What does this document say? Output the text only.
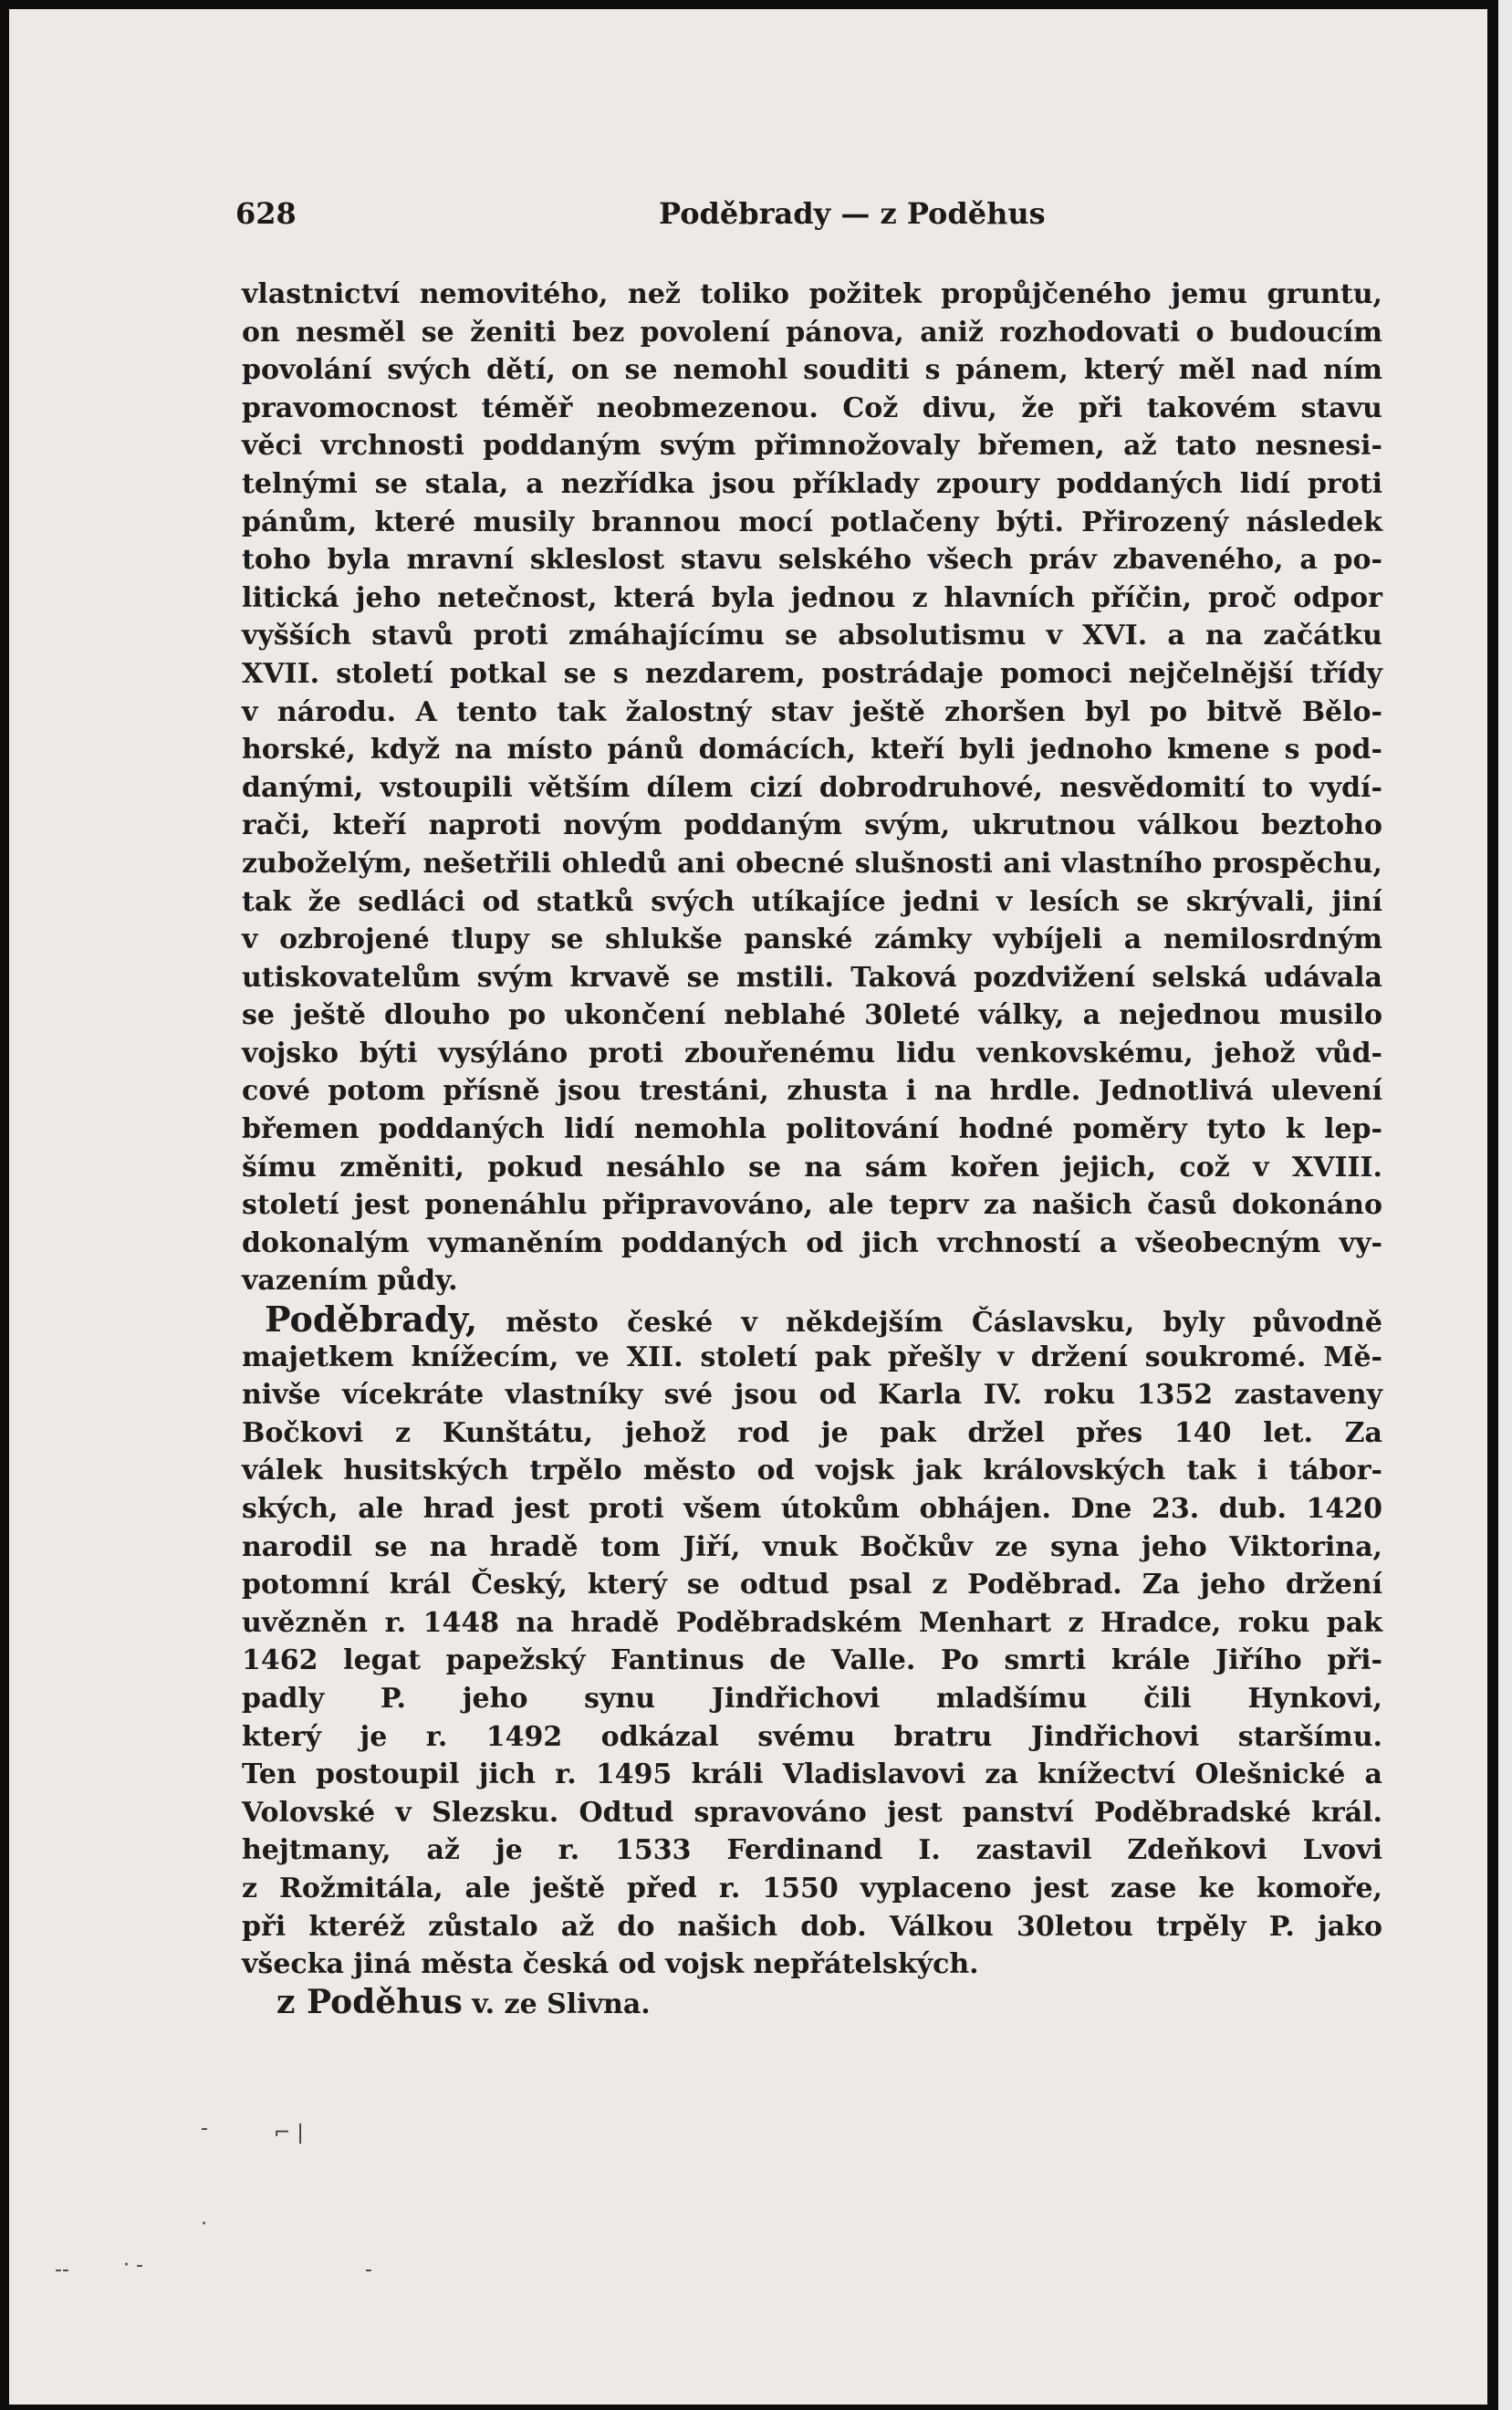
628	Poděbrady — z Poděhus
vlastnictví nemovitého, než toliko požitek propůjčeného jemu gruntu,
on nesměl se ženiti bez povolení pánova, aniž rozhodovati o budoucím
povolání svých dětí, on se nemohl souditi s pánem, který měl nad ním
pravomocnost téměř neobmezenou. Což divu, že při takovém stavu
věci vrchnosti poddaným svým přimnožovaly břemen, až tato nesnesi-
telnými se stala, a nezřídka jsou příklady zpoury poddaných lidí proti
pánům, které musily brannou mocí potlačeny býti. Přirozený následek
toho byla mravní skleslost stavu selského všech práv zbaveného, a po-
litická jeho netečnost, která byla jednou z hlavních příčin, proč odpor
vyšších stavů proti zmáhajícímu se absolutismu v XVI. a na začátku
XVII. století potkal se s nezdarem, postrádaje pomoci nejčelnější třídy
v národu. A tento tak žalostný stav ještě zhoršen byl po bitvě Bělo-
horské, když na místo pánů domácích, kteří byli jednoho kmene s pod-
danými, vstoupili větším dílem cizí dobrodruhové, nesvědomití to vydí-
rači, kteří naproti novým poddaným svým, ukrutnou válkou beztoho
zuboželým, nešetřili ohledů ani obecné slušnosti ani vlastního prospěchu,
tak že sedláci od statků svých utíkajíce jedni v lesích se skrývali, jiní
v ozbrojené tlupy se shlukše panské zámky vybíjeli a nemilosrdným
utiskovatelům svým krvavě se mstili. Taková pozdvižení selská udávala
se ještě dlouho po ukončení neblahé 30leté války, a nejednou musilo
vojsko býti vysýláno proti zbouřenému lidu venkovskému, jehož vůd-
cové potom přísně jsou trestáni, zhusta i na hrdle. Jednotlivá ulevení
břemen poddaných lidí nemohla politování hodné poměry tyto k lep-
šímu změniti, pokud nesáhlo se na sám kořen jejich, což v XVIII.
století jest ponenáhlu připravováno, ale teprv za našich časů dokonáno
dokonalým vymaněním poddaných od jich vrchností a všeobecným vy-
vazením půdy.
Poděbrady, město české v někdejším Čáslavsku, byly původně
majetkem knížecím, ve XII. století pak přešly v držení soukromé. Mě-
nivše vícekráte vlastníky své jsou od Karla IV. roku 1352 zastaveny
Bočkovi z Kunštátu, jehož rod je pak držel přes 140 let. Za
válek husitských trpělo město od vojsk jak královských tak i tábor-
ských, ale hrad jest proti všem útokům obhájen. Dne 23. dub. 1420
narodil se na hradě tom Jiří, vnuk Bočkův ze syna jeho Viktorina,
potomní král Český, který se odtud psal z Poděbrad. Za jeho držení
uvězněn r. 1448 na hradě Poděbradském Menhart z Hradce, roku pak
1462 legat papežský Fantinus de Valle. Po smrti krále Jiřího při-
padly P. jeho synu Jindřichovi mladšímu čili Hynkovi,
který je r. 1492 odkázal svému bratru Jindřichovi staršímu.
Ten postoupil jich r. 1495 králi Vladislavovi za knížectví Olešnické a
Volovské v Slezsku. Odtud spravováno jest panství Poděbradské král.
hejtmany, až je r. 1533 Ferdinand I. zastavil Zdeňkovi Lvovi
z Rožmitála, ale ještě před r. 1550 vyplaceno jest zase ke komoře,
při kteréž zůstalo až do našich dob. Válkou 30letou trpěly P. jako
všecka jiná města česká od vojsk nepřátelských.
z Poděhus v. ze Slivna.
-	⌐ |
·
--	· -	-
